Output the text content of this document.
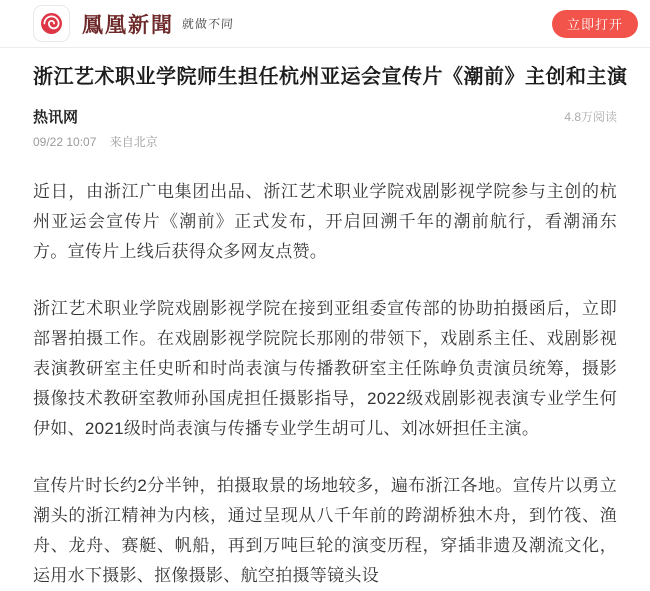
鳳凰新聞 就做不同	立即打开
浙江艺术职业学院师生担任杭州亚运会宣传片《潮前》主创和主演
热讯网
09/22 10:07 来自北京
4.8万阅读

近日，由浙江广电集团出品、浙江艺术职业学院戏剧影视学院参与主创的杭州亚运会宣传片《潮前》正式发布，开启回溯千年的潮前航行，看潮涌东方。宣传片上线后获得众多网友点赞。

浙江艺术职业学院戏剧影视学院在接到亚组委宣传部的协助拍摄函后，立即部署拍摄工作。在戏剧影视学院院长那刚的带领下，戏剧系主任、戏剧影视表演教研室主任史昕和时尚表演与传播教研室主任陈峥负责演员统筹，摄影摄像技术教研室教师孙国虎担任摄影指导，2022级戏剧影视表演专业学生何伊如、2021级时尚表演与传播专业学生胡可儿、刘冰妍担任主演。

宣传片时长约2分半钟，拍摄取景的场地较多，遍布浙江各地。宣传片以勇立潮头的浙江精神为内核，通过呈现从八千年前的跨湖桥独木舟，到竹筏、渔舟、龙舟、赛艇、帆船，再到万吨巨轮的演变历程，穿插非遗及潮流文化，运用水下摄影、抠像摄影、航空拍摄等镜头设
